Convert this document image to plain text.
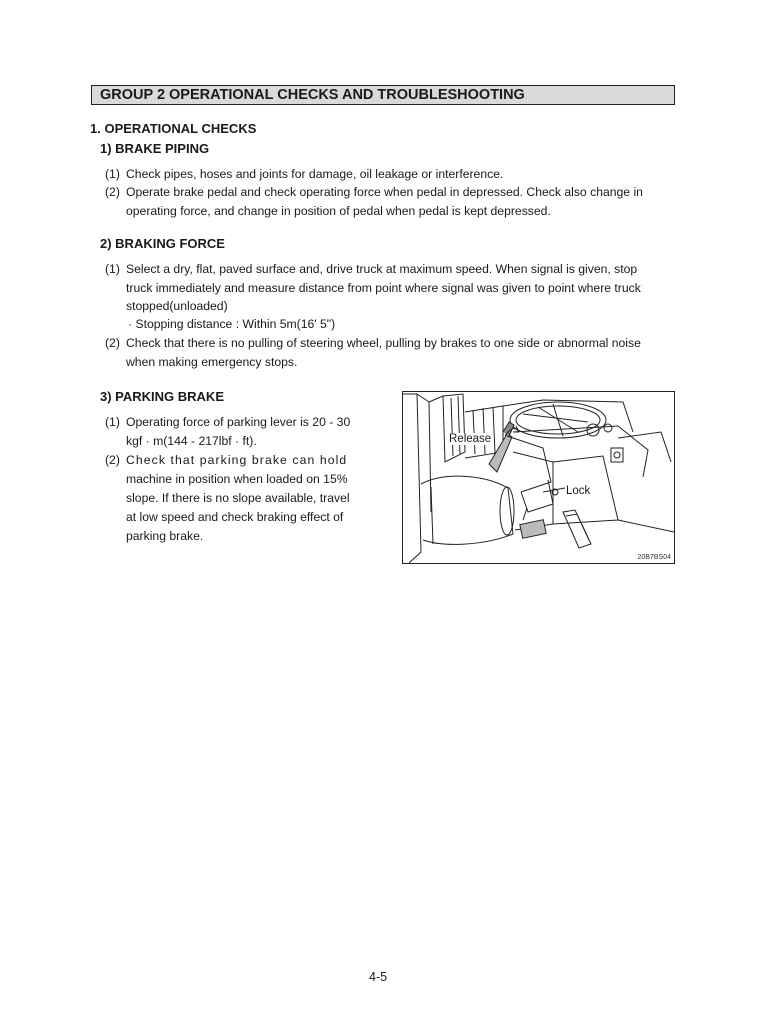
GROUP 2 OPERATIONAL CHECKS AND TROUBLESHOOTING
1. OPERATIONAL CHECKS
1) BRAKE PIPING
(1) Check pipes, hoses and joints for damage, oil leakage or interference.
(2) Operate brake pedal and check operating force when pedal in depressed. Check also change in
operating force, and change in position of pedal when pedal is kept depressed.
2) BRAKING FORCE
(1) Select a dry, flat, paved surface and, drive truck at maximum speed. When signal is given, stop
truck immediately and measure distance from point where signal was given to point where truck
stopped(unloaded)
· Stopping distance : Within 5m(16' 5")
(2) Check that there is no pulling of steering wheel, pulling by brakes to one side or abnormal noise
when making emergency stops.
3) PARKING BRAKE
(1) Operating force of parking lever is 20 - 30
kgf · m(144 - 217lbf · ft).
(2) Check that parking brake can hold
machine in position when loaded on 15%
slope. If there is no slope available, travel
at low speed and check braking effect of
parking brake.
Release
Lock
20B7BS04
4-5
